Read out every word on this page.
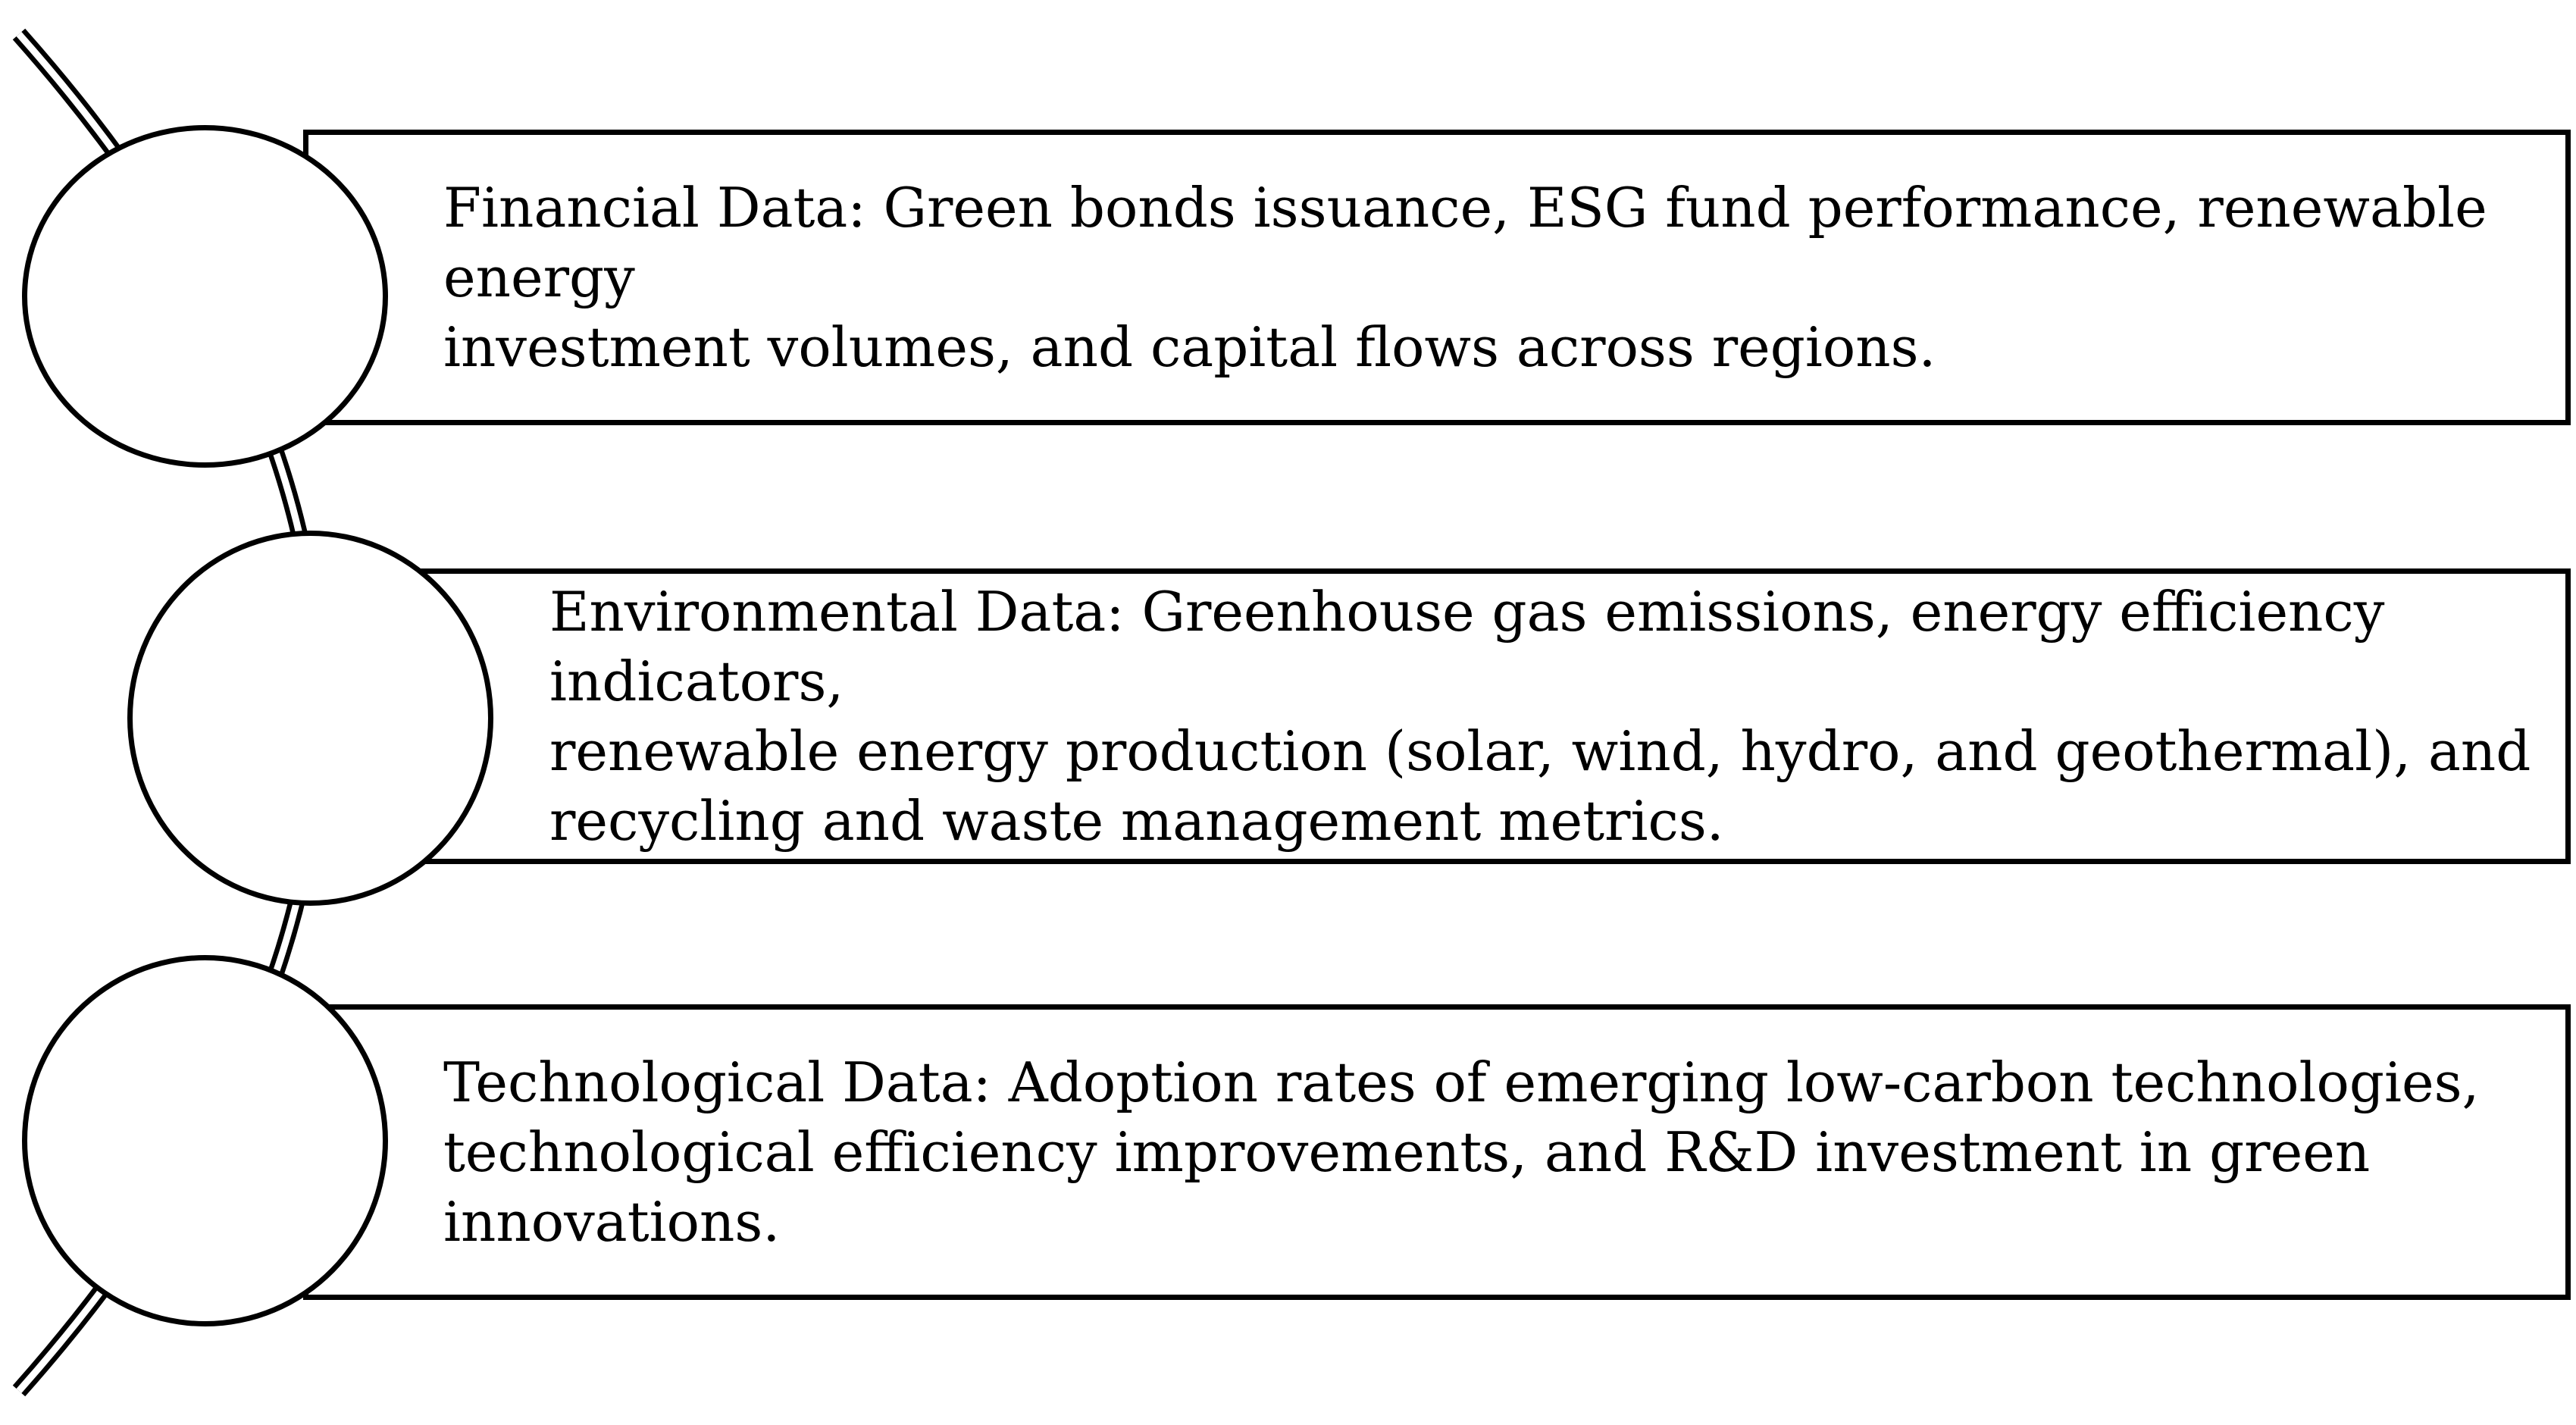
Financial Data: Green bonds issuance, ESG fund performance, renewable energy
investment volumes, and capital flows across regions.
Environmental Data: Greenhouse gas emissions, energy efficiency indicators,
renewable energy production (solar, wind, hydro, and geothermal), and
recycling and waste management metrics.
Technological Data: Adoption rates of emerging low-carbon technologies,
technological efficiency improvements, and R&D investment in green innovations.
